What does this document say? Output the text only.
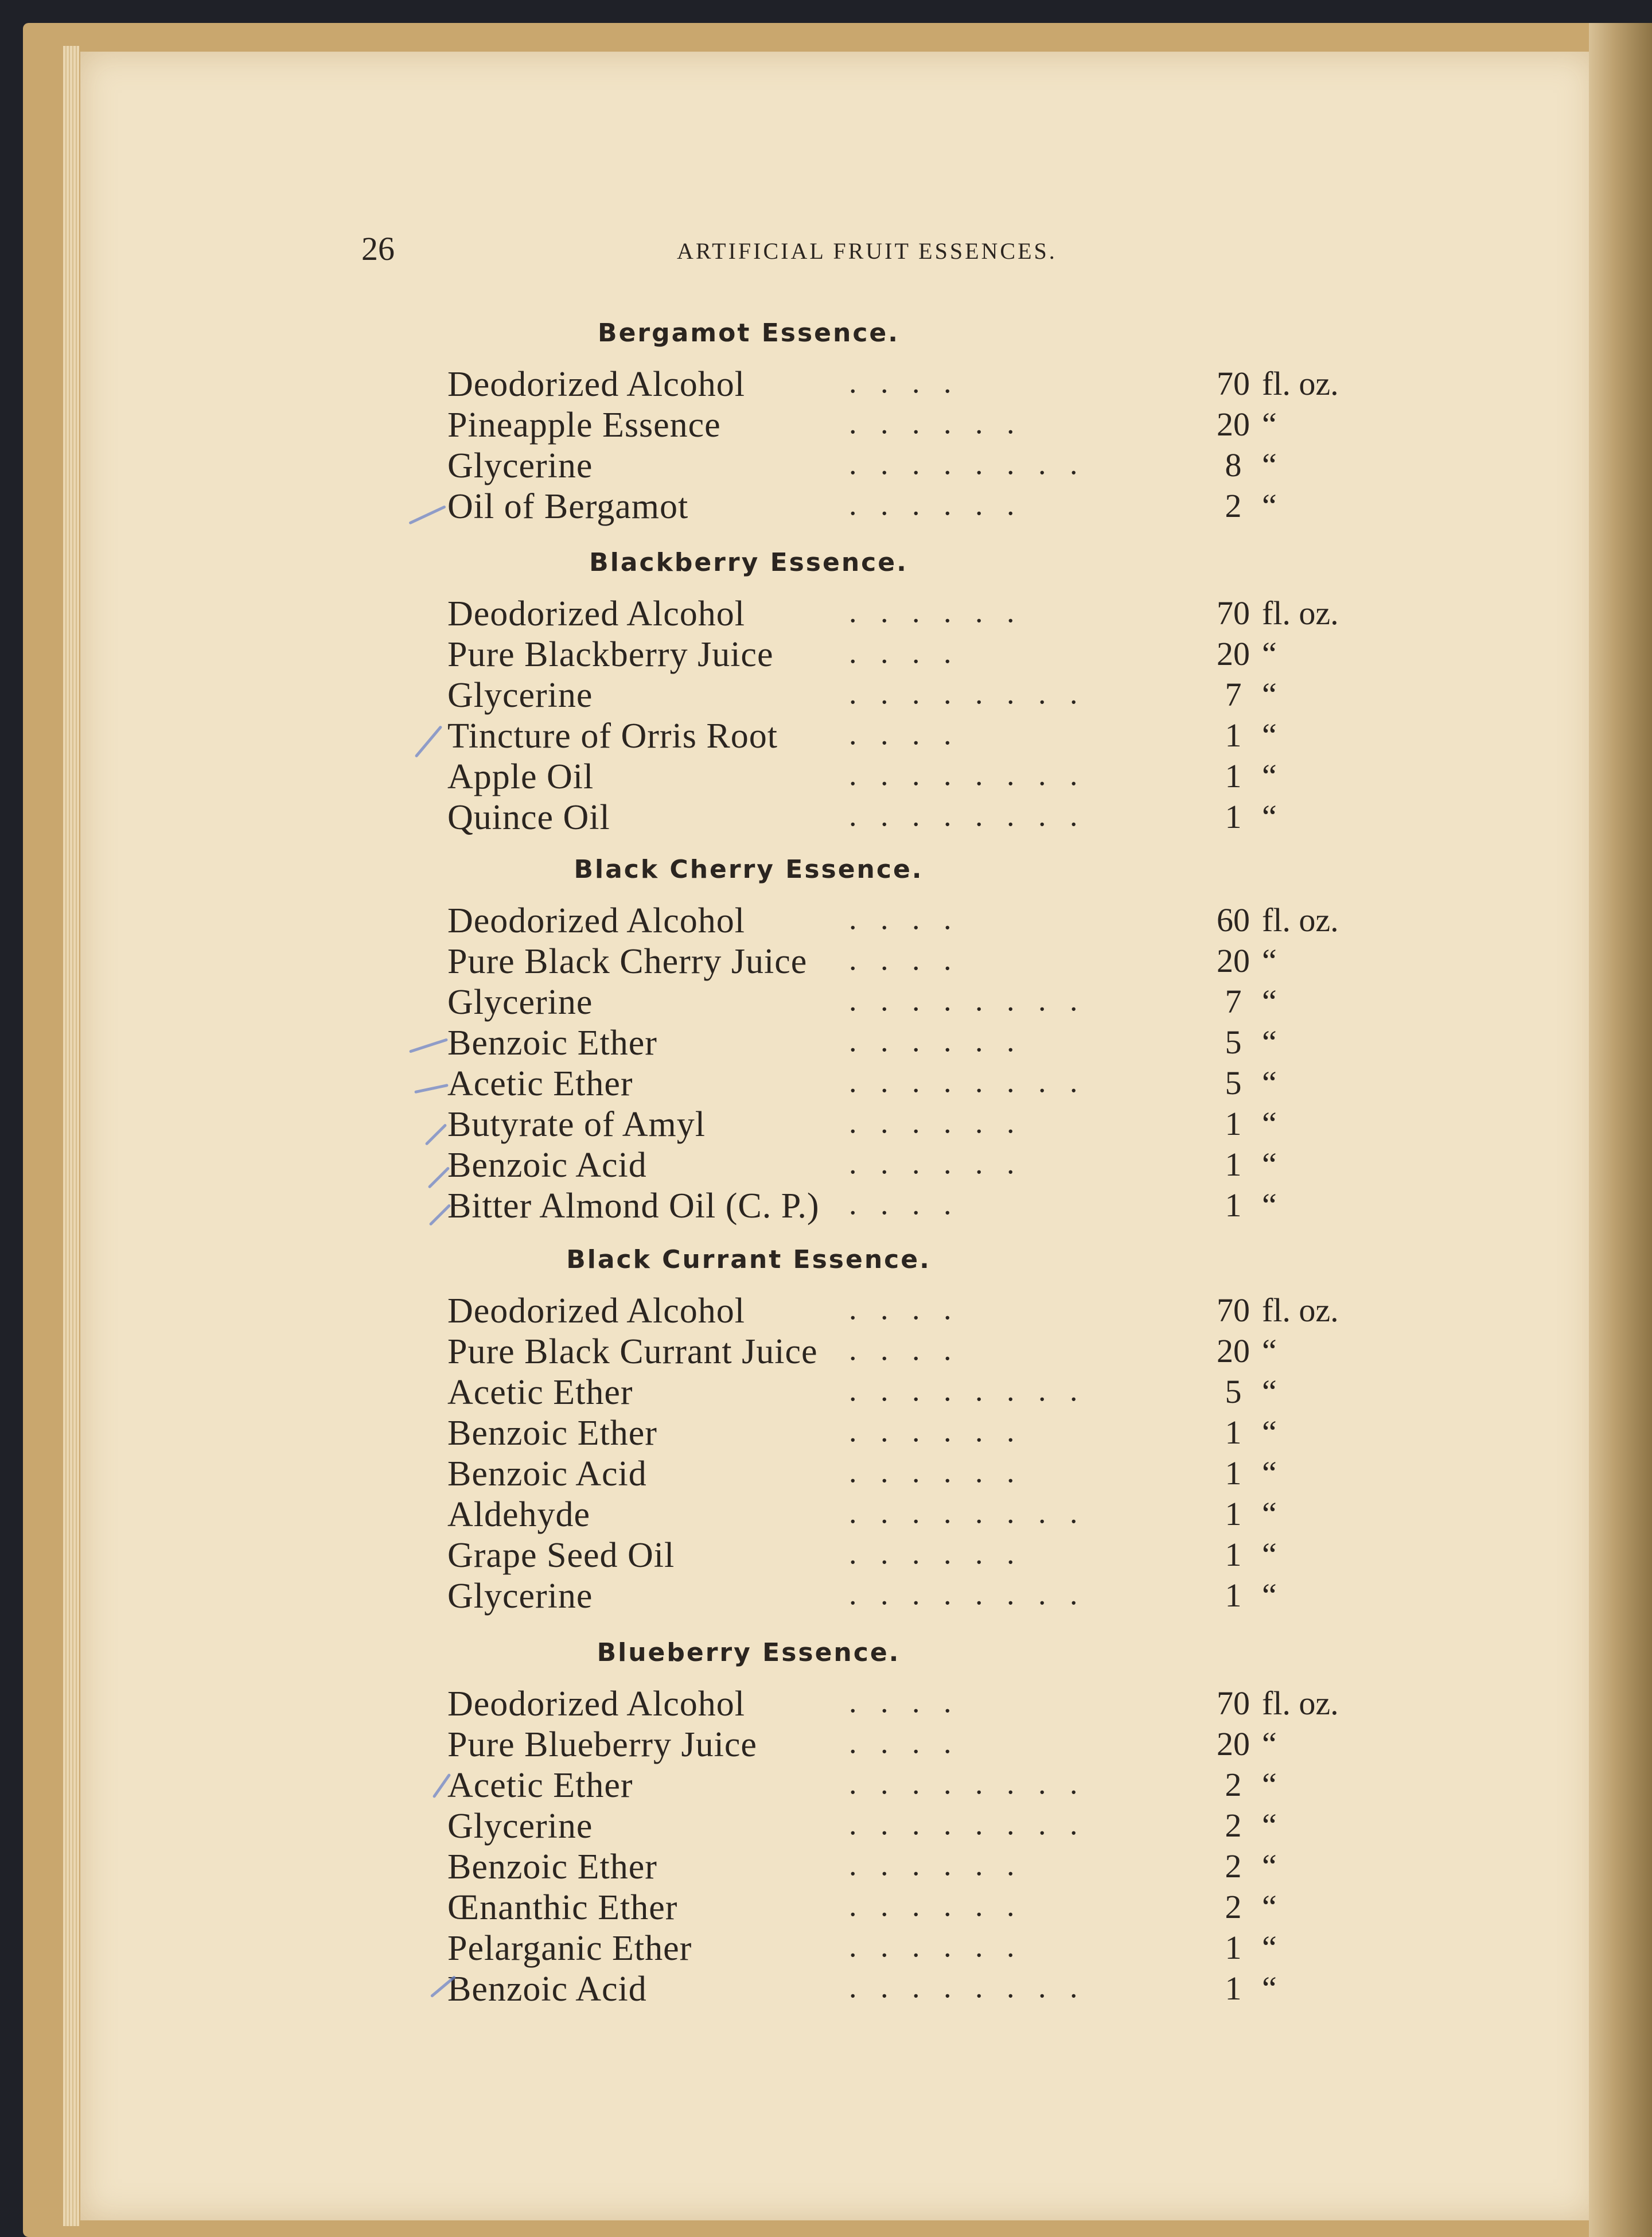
26	ARTIFICIAL FRUIT ESSENCES.
Bergamot Essence.
Deodorized Alcohol	. . . .	70 fl. oz.
Pineapple Essence	. . . . . .	20 “
Glycerine	. . . . . . . .	8 “
Oil of Bergamot	. . . . . .	2 “
Blackberry Essence.
Deodorized Alcohol	. . . . . .	70 fl. oz.
Pure Blackberry Juice . . . .	20 “
Glycerine	. . . . . . . .	7 “
Tincture of Orris Root . . . .	1 “
Apple Oil	. . . . . . . .	1 “
Quince Oil	. . . . . . . .	1 “
Black Cherry Essence.
Deodorized Alcohol	. . . .	60 fl. oz.
Pure Black Cherry Juice . . . .	20 “
Glycerine	. . . . . . . .	7 “
Benzoic Ether	. . . . . .	5 “
Acetic Ether	. . . . . . . .	5 “
Butyrate of Amyl	. . . . . .	1 “
Benzoic Acid	. . . . . .	1 “
Bitter Almond Oil (C. P.) . . . .	1 “
Black Currant Essence.
Deodorized Alcohol	. . . .	70 fl. oz.
Pure Black Currant Juice . . . .	20 “
Acetic Ether	. . . . . . . .	5 “
Benzoic Ether	. . . . . .	1 “
Benzoic Acid	. . . . . .	1 “
Aldehyde	. . . . . . . .	1 “
Grape Seed Oil	. . . . . .	1 “
Glycerine	. . . . . . . .	1 “
Blueberry Essence.
Deodorized Alcohol	. . . .	70 fl. oz.
Pure Blueberry Juice	. . . .	20 “
Acetic Ether	. . . . . . . .	2 “
Glycerine	. . . . . . . .	2 “
Benzoic Ether	. . . . . .	2 “
Œnanthic Ether	. . . . . .	2 “
Pelarganic Ether	. . . . . .	1 “
Benzoic Acid	. . . . . . . .	1 “
